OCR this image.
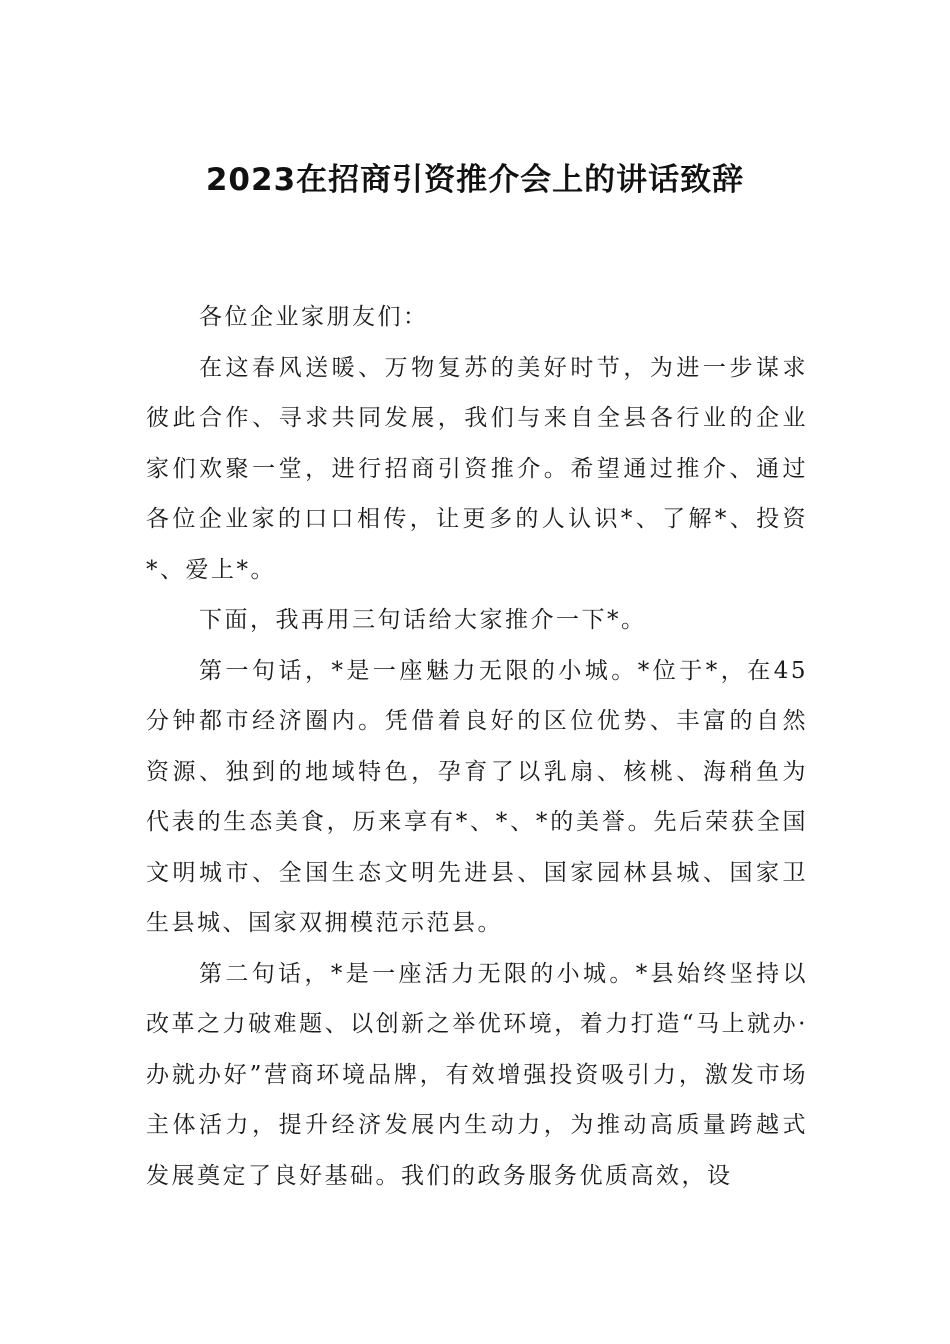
2023在招商引资推介会上的讲话致辞

各位企业家朋友们：

在这春风送暖、万物复苏的美好时节，为进一步谋求彼此合作、寻求共同发展，我们与来自全县各行业的企业家们欢聚一堂，进行招商引资推介。希望通过推介、通过各位企业家的口口相传，让更多的人认识*、了解*、投资*、爱上*。

下面，我再用三句话给大家推介一下*。

第一句话，*是一座魅力无限的小城。*位于*，在45分钟都市经济圈内。凭借着良好的区位优势、丰富的自然资源、独到的地域特色，孕育了以乳扇、核桃、海稍鱼为代表的生态美食，历来享有*、*、*的美誉。先后荣获全国文明城市、全国生态文明先进县、国家园林县城、国家卫生县城、国家双拥模范示范县。

第二句话，*是一座活力无限的小城。*县始终坚持以改革之力破难题、以创新之举优环境，着力打造“马上就办·办就办好”营商环境品牌，有效增强投资吸引力，激发市场主体活力，提升经济发展内生动力，为推动高质量跨越式发展奠定了良好基础。我们的政务服务优质高效，设
